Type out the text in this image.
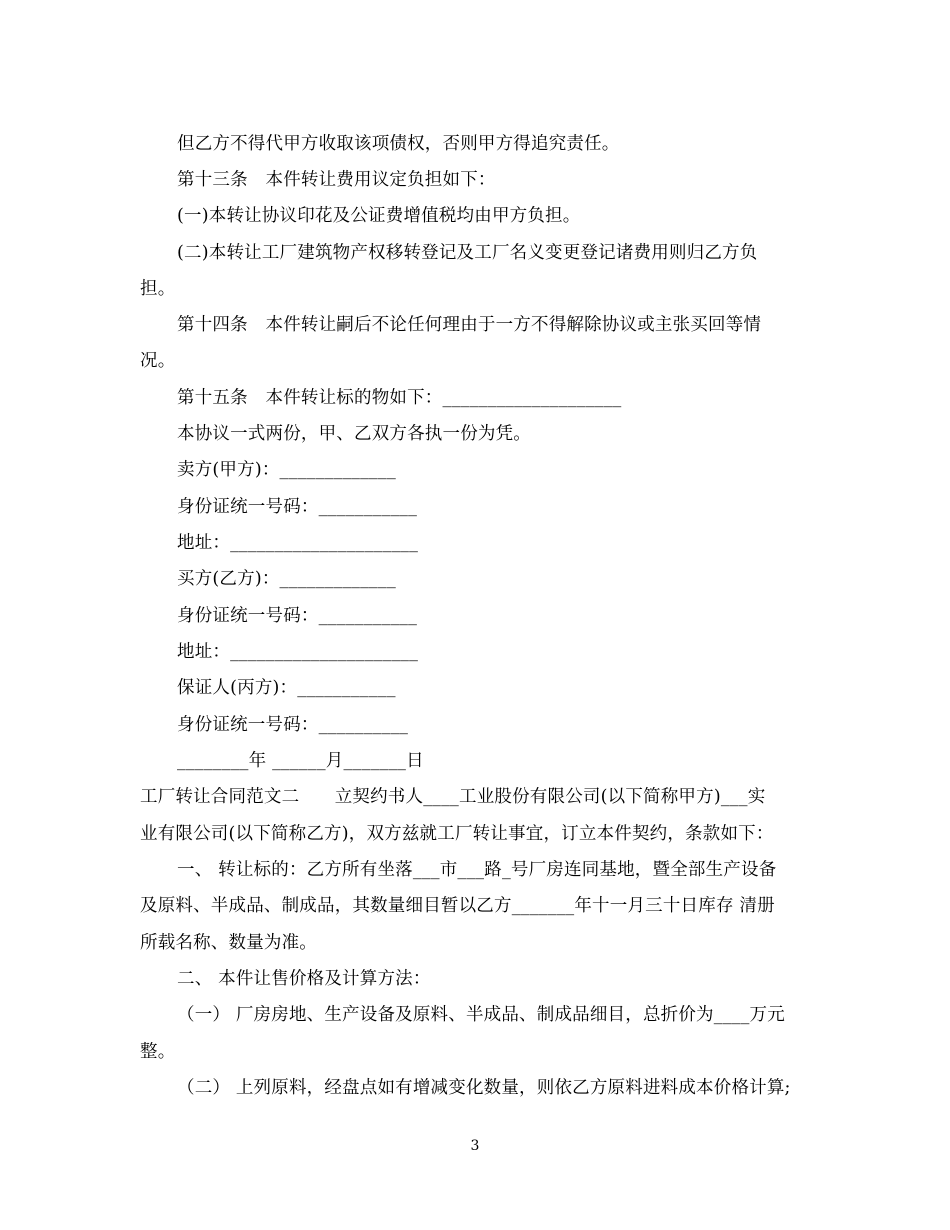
但乙方不得代甲方收取该项债权，否则甲方得追究责任。
第十三条　本件转让费用议定负担如下：
(一)本转让协议印花及公证费增值税均由甲方负担。
(二)本转让工厂建筑物产权移转登记及工厂名义变更登记诸费用则归乙方负
担。
第十四条　本件转让嗣后不论任何理由于一方不得解除协议或主张买回等情
况。
第十五条　本件转让标的物如下：____________________
本协议一式两份，甲、乙双方各执一份为凭。
卖方(甲方)：_____________
身份证统一号码：___________
地址：_____________________
买方(乙方)：_____________
身份证统一号码：___________
地址：_____________________
保证人(丙方)：___________
身份证统一号码：__________
________年 ______月_______日
工厂转让合同范文二　　立契约书人____工业股份有限公司(以下简称甲方)___实
业有限公司(以下简称乙方)，双方兹就工厂转让事宜，订立本件契约，条款如下：
一、 转让标的：乙方所有坐落___市___路_号厂房连同基地，暨全部生产设备
及原料、半成品、制成品，其数量细目暂以乙方_______年十一月三十日库存 清册
所载名称、数量为准。
二、 本件让售价格及计算方法：
（一） 厂房房地、生产设备及原料、半成品、制成品细目，总折价为____万元
整。
（二） 上列原料，经盘点如有增减变化数量，则依乙方原料进料成本价格计算;
3
